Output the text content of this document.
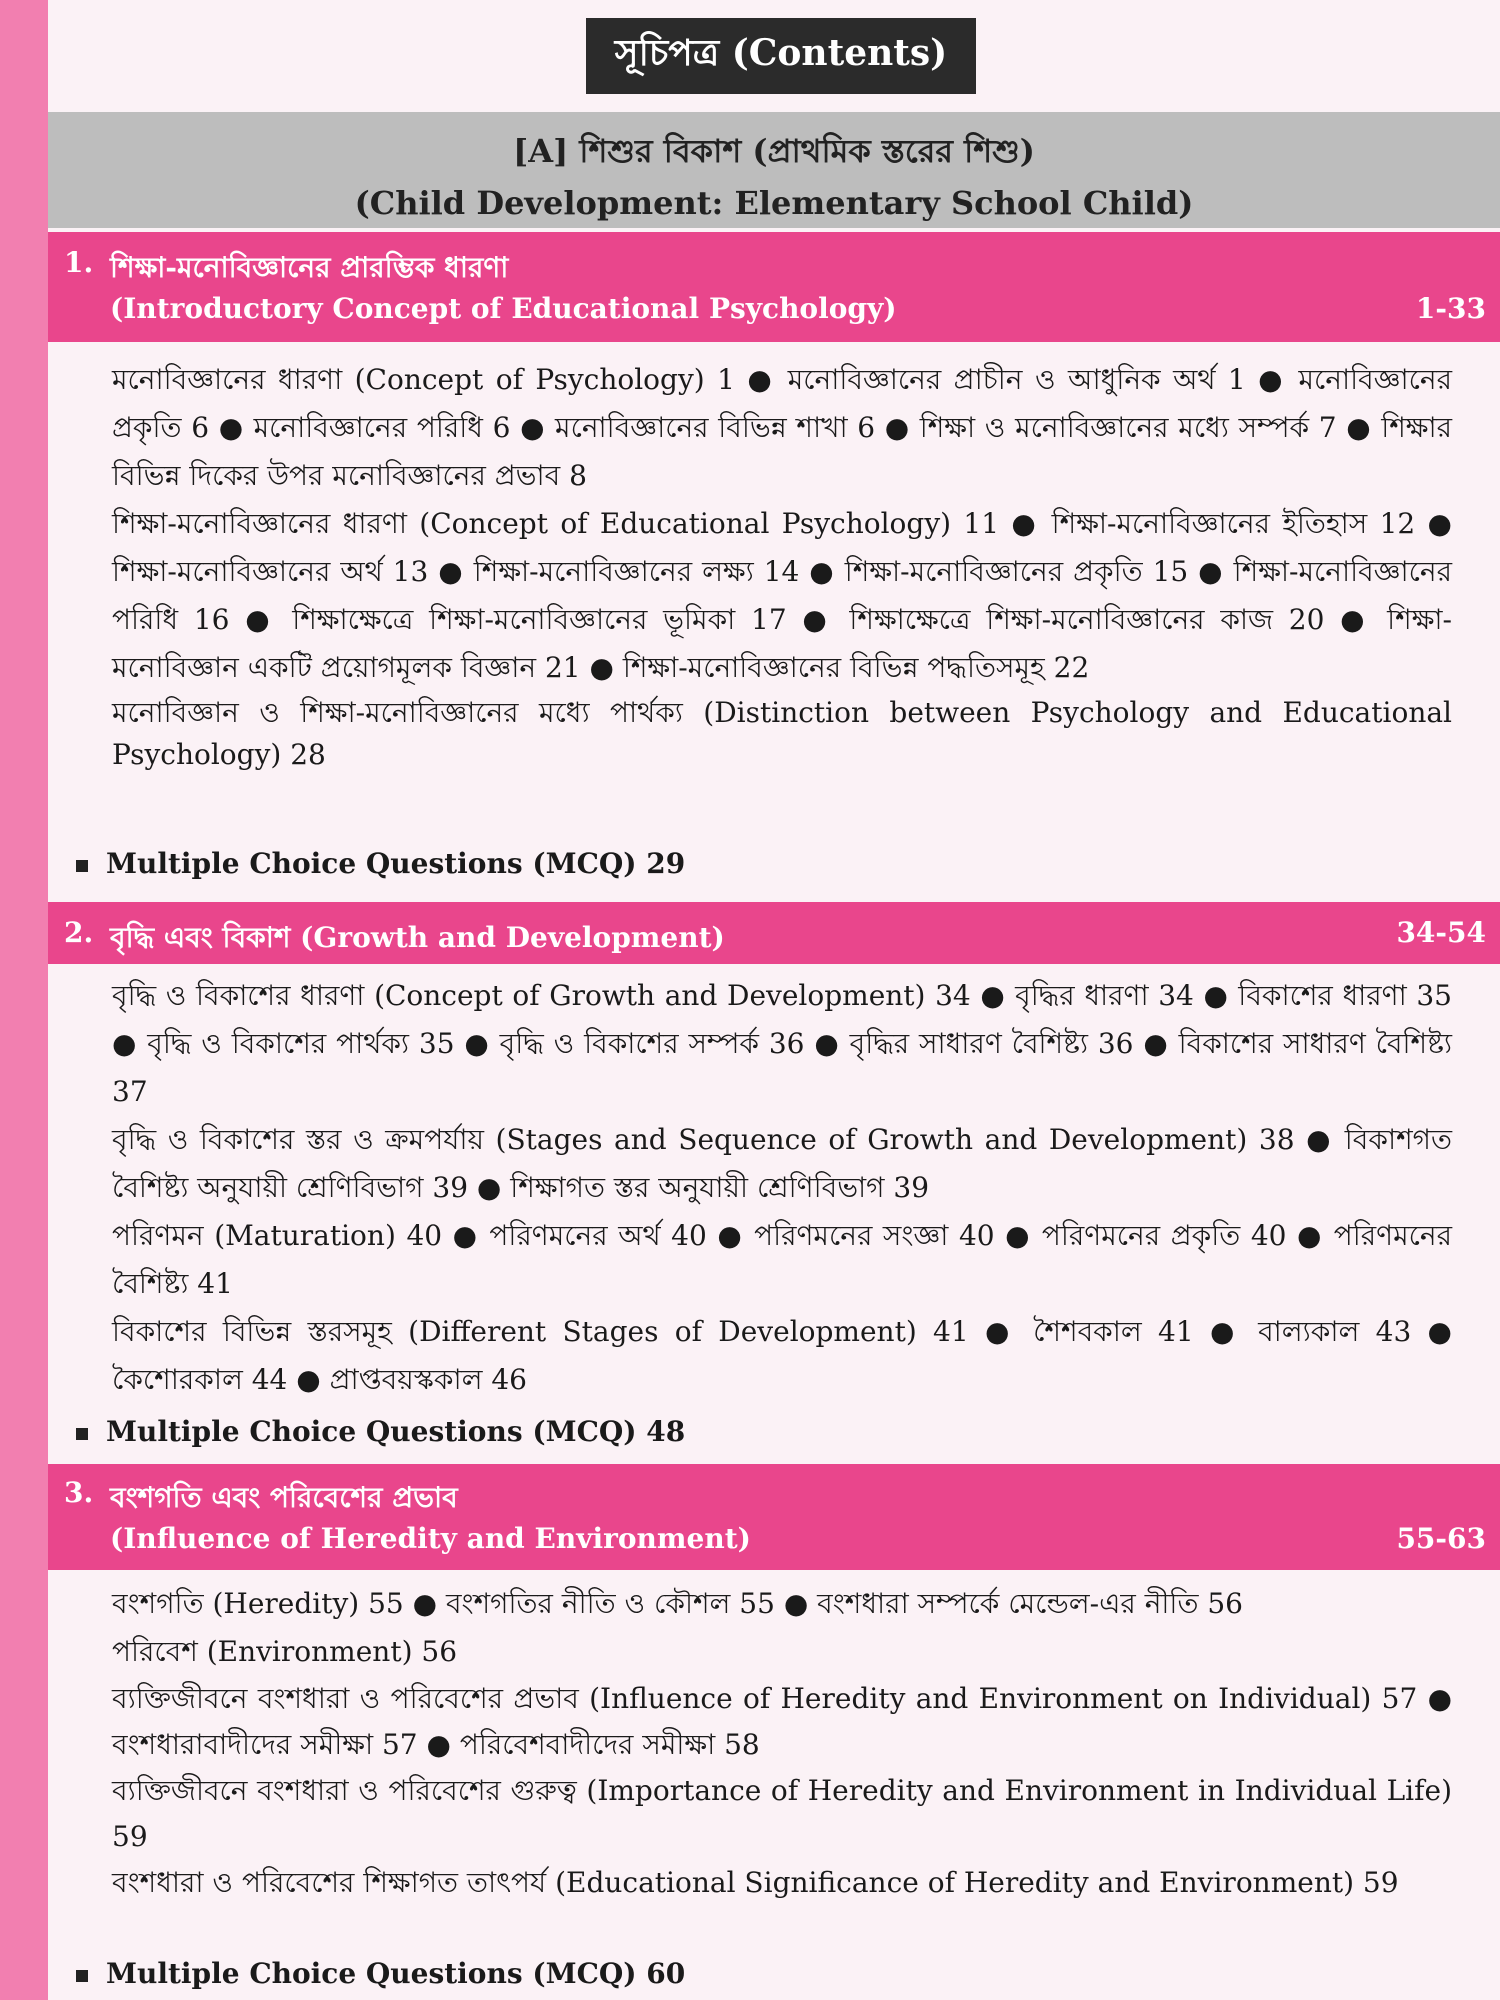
সূচিপত্র (Contents)
[A] শিশুর বিকাশ (প্রাথমিক স্তরের শিশু)
(Child Development: Elementary School Child)
1. শিক্ষা-মনোবিজ্ঞানের প্রারম্ভিক ধারণা
(Introductory Concept of Educational Psychology)	1-33

মনোবিজ্ঞানের ধারণা (Concept of Psychology) 1 ● মনোবিজ্ঞানের প্রাচীন ও আধুনিক অর্থ 1 ● মনোবিজ্ঞানের প্রকৃতি 6 ● মনোবিজ্ঞানের পরিধি 6 ● মনোবিজ্ঞানের বিভিন্ন শাখা 6 ● শিক্ষা ও মনোবিজ্ঞানের মধ্যে সম্পর্ক 7 ● শিক্ষার বিভিন্ন দিকের উপর মনোবিজ্ঞানের প্রভাব 8

শিক্ষা-মনোবিজ্ঞানের ধারণা (Concept of Educational Psychology) 11 ● শিক্ষা-মনোবিজ্ঞানের ইতিহাস 12 ● শিক্ষা-মনোবিজ্ঞানের অর্থ 13 ● শিক্ষা-মনোবিজ্ঞানের লক্ষ্য 14 ● শিক্ষা-মনোবিজ্ঞানের প্রকৃতি 15 ● শিক্ষা-মনোবিজ্ঞানের পরিধি 16 ● শিক্ষাক্ষেত্রে শিক্ষা-মনোবিজ্ঞানের ভূমিকা 17 ● শিক্ষাক্ষেত্রে শিক্ষা-মনোবিজ্ঞানের কাজ 20 ● শিক্ষা-মনোবিজ্ঞান একটি প্রয়োগমূলক বিজ্ঞান 21 ● শিক্ষা-মনোবিজ্ঞানের বিভিন্ন পদ্ধতিসমূহ 22

মনোবিজ্ঞান ও শিক্ষা-মনোবিজ্ঞানের মধ্যে পার্থক্য (Distinction between Psychology and Educational Psychology) 28

Multiple Choice Questions (MCQ) 29
2. বৃদ্ধি এবং বিকাশ (Growth and Development)	34-54

বৃদ্ধি ও বিকাশের ধারণা (Concept of Growth and Development) 34 ● বৃদ্ধির ধারণা 34 ● বিকাশের ধারণা 35 ● বৃদ্ধি ও বিকাশের পার্থক্য 35 ● বৃদ্ধি ও বিকাশের সম্পর্ক 36 ● বৃদ্ধির সাধারণ বৈশিষ্ট্য 36 ● বিকাশের সাধারণ বৈশিষ্ট্য 37

বৃদ্ধি ও বিকাশের স্তর ও ক্রমপর্যায় (Stages and Sequence of Growth and Development) 38 ● বিকাশগত বৈশিষ্ট্য অনুযায়ী শ্রেণিবিভাগ 39 ● শিক্ষাগত স্তর অনুযায়ী শ্রেণিবিভাগ 39

পরিণমন (Maturation) 40 ● পরিণমনের অর্থ 40 ● পরিণমনের সংজ্ঞা 40 ● পরিণমনের প্রকৃতি 40 ● পরিণমনের বৈশিষ্ট্য 41

বিকাশের বিভিন্ন স্তরসমূহ (Different Stages of Development) 41 ● শৈশবকাল 41 ● বাল্যকাল 43 ● কৈশোরকাল 44 ● প্রাপ্তবয়স্ককাল 46

Multiple Choice Questions (MCQ) 48
3. বংশগতি এবং পরিবেশের প্রভাব
(Influence of Heredity and Environment)	55-63

বংশগতি (Heredity) 55 ● বংশগতির নীতি ও কৌশল 55 ● বংশধারা সম্পর্কে মেন্ডেল-এর নীতি 56

পরিবেশ (Environment) 56

ব্যক্তিজীবনে বংশধারা ও পরিবেশের প্রভাব (Influence of Heredity and Environment on Individual) 57 ● বংশধারাবাদীদের সমীক্ষা 57 ● পরিবেশবাদীদের সমীক্ষা 58

ব্যক্তিজীবনে বংশধারা ও পরিবেশের গুরুত্ব (Importance of Heredity and Environment in Individual Life) 59

বংশধারা ও পরিবেশের শিক্ষাগত তাৎপর্য (Educational Significance of Heredity and Environment) 59

Multiple Choice Questions (MCQ) 60
